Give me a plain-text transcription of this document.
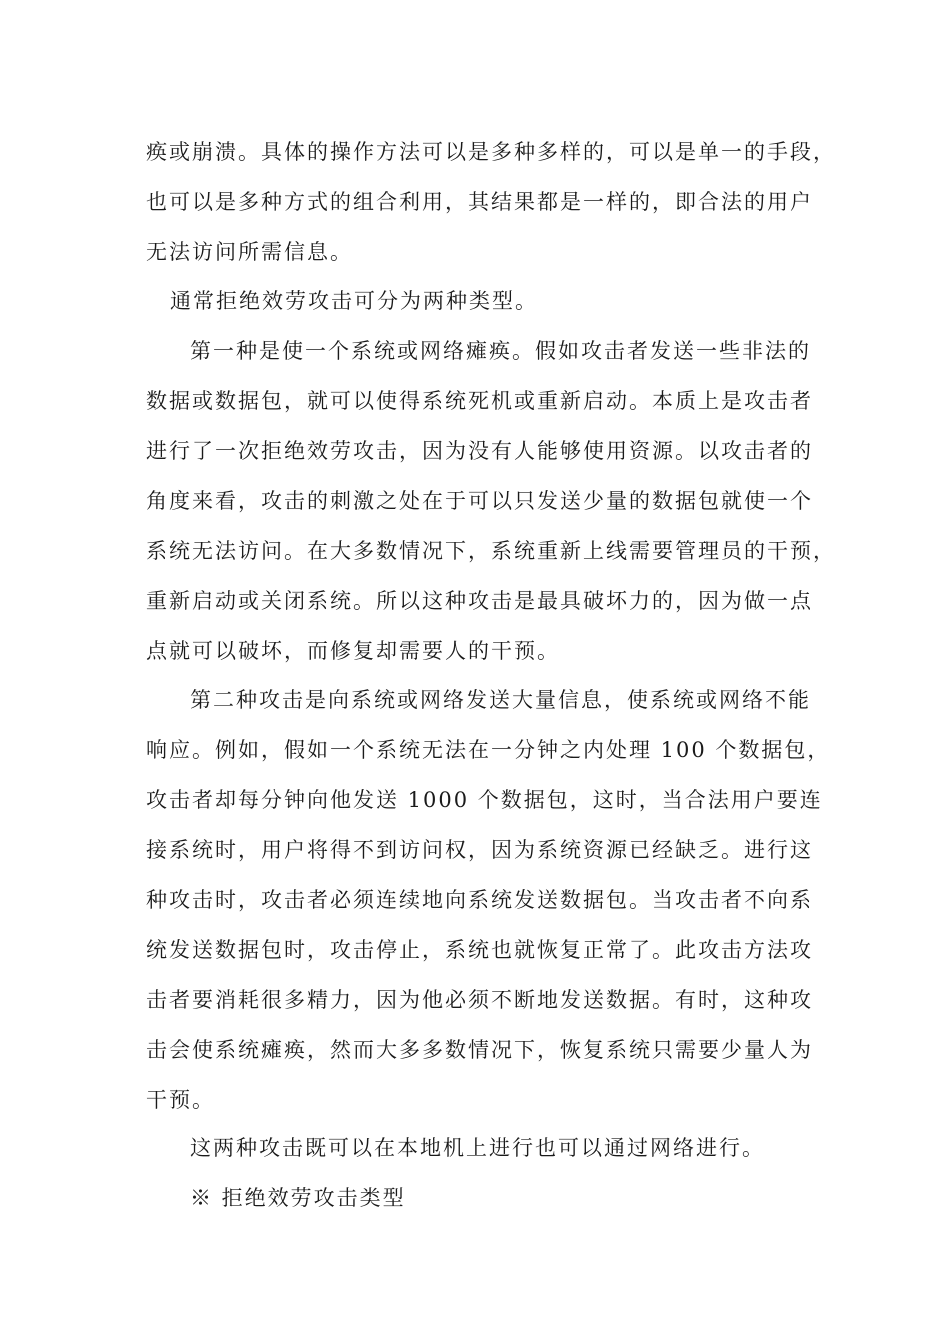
痪或崩溃。具体的操作方法可以是多种多样的，可以是单一的手段，
也可以是多种方式的组合利用，其结果都是一样的，即合法的用户
无法访问所需信息。
通常拒绝效劳攻击可分为两种类型。
第一种是使一个系统或网络瘫痪。假如攻击者发送一些非法的
数据或数据包，就可以使得系统死机或重新启动。本质上是攻击者
进行了一次拒绝效劳攻击，因为没有人能够使用资源。以攻击者的
角度来看，攻击的刺激之处在于可以只发送少量的数据包就使一个
系统无法访问。在大多数情况下，系统重新上线需要管理员的干预，
重新启动或关闭系统。所以这种攻击是最具破坏力的，因为做一点
点就可以破坏，而修复却需要人的干预。
第二种攻击是向系统或网络发送大量信息，使系统或网络不能
响应。例如，假如一个系统无法在一分钟之内处理 100 个数据包，
攻击者却每分钟向他发送 1000 个数据包，这时，当合法用户要连
接系统时，用户将得不到访问权，因为系统资源已经缺乏。进行这
种攻击时，攻击者必须连续地向系统发送数据包。当攻击者不向系
统发送数据包时，攻击停止，系统也就恢复正常了。此攻击方法攻
击者要消耗很多精力，因为他必须不断地发送数据。有时，这种攻
击会使系统瘫痪，然而大多多数情况下，恢复系统只需要少量人为
干预。
这两种攻击既可以在本地机上进行也可以通过网络进行。
※ 拒绝效劳攻击类型
